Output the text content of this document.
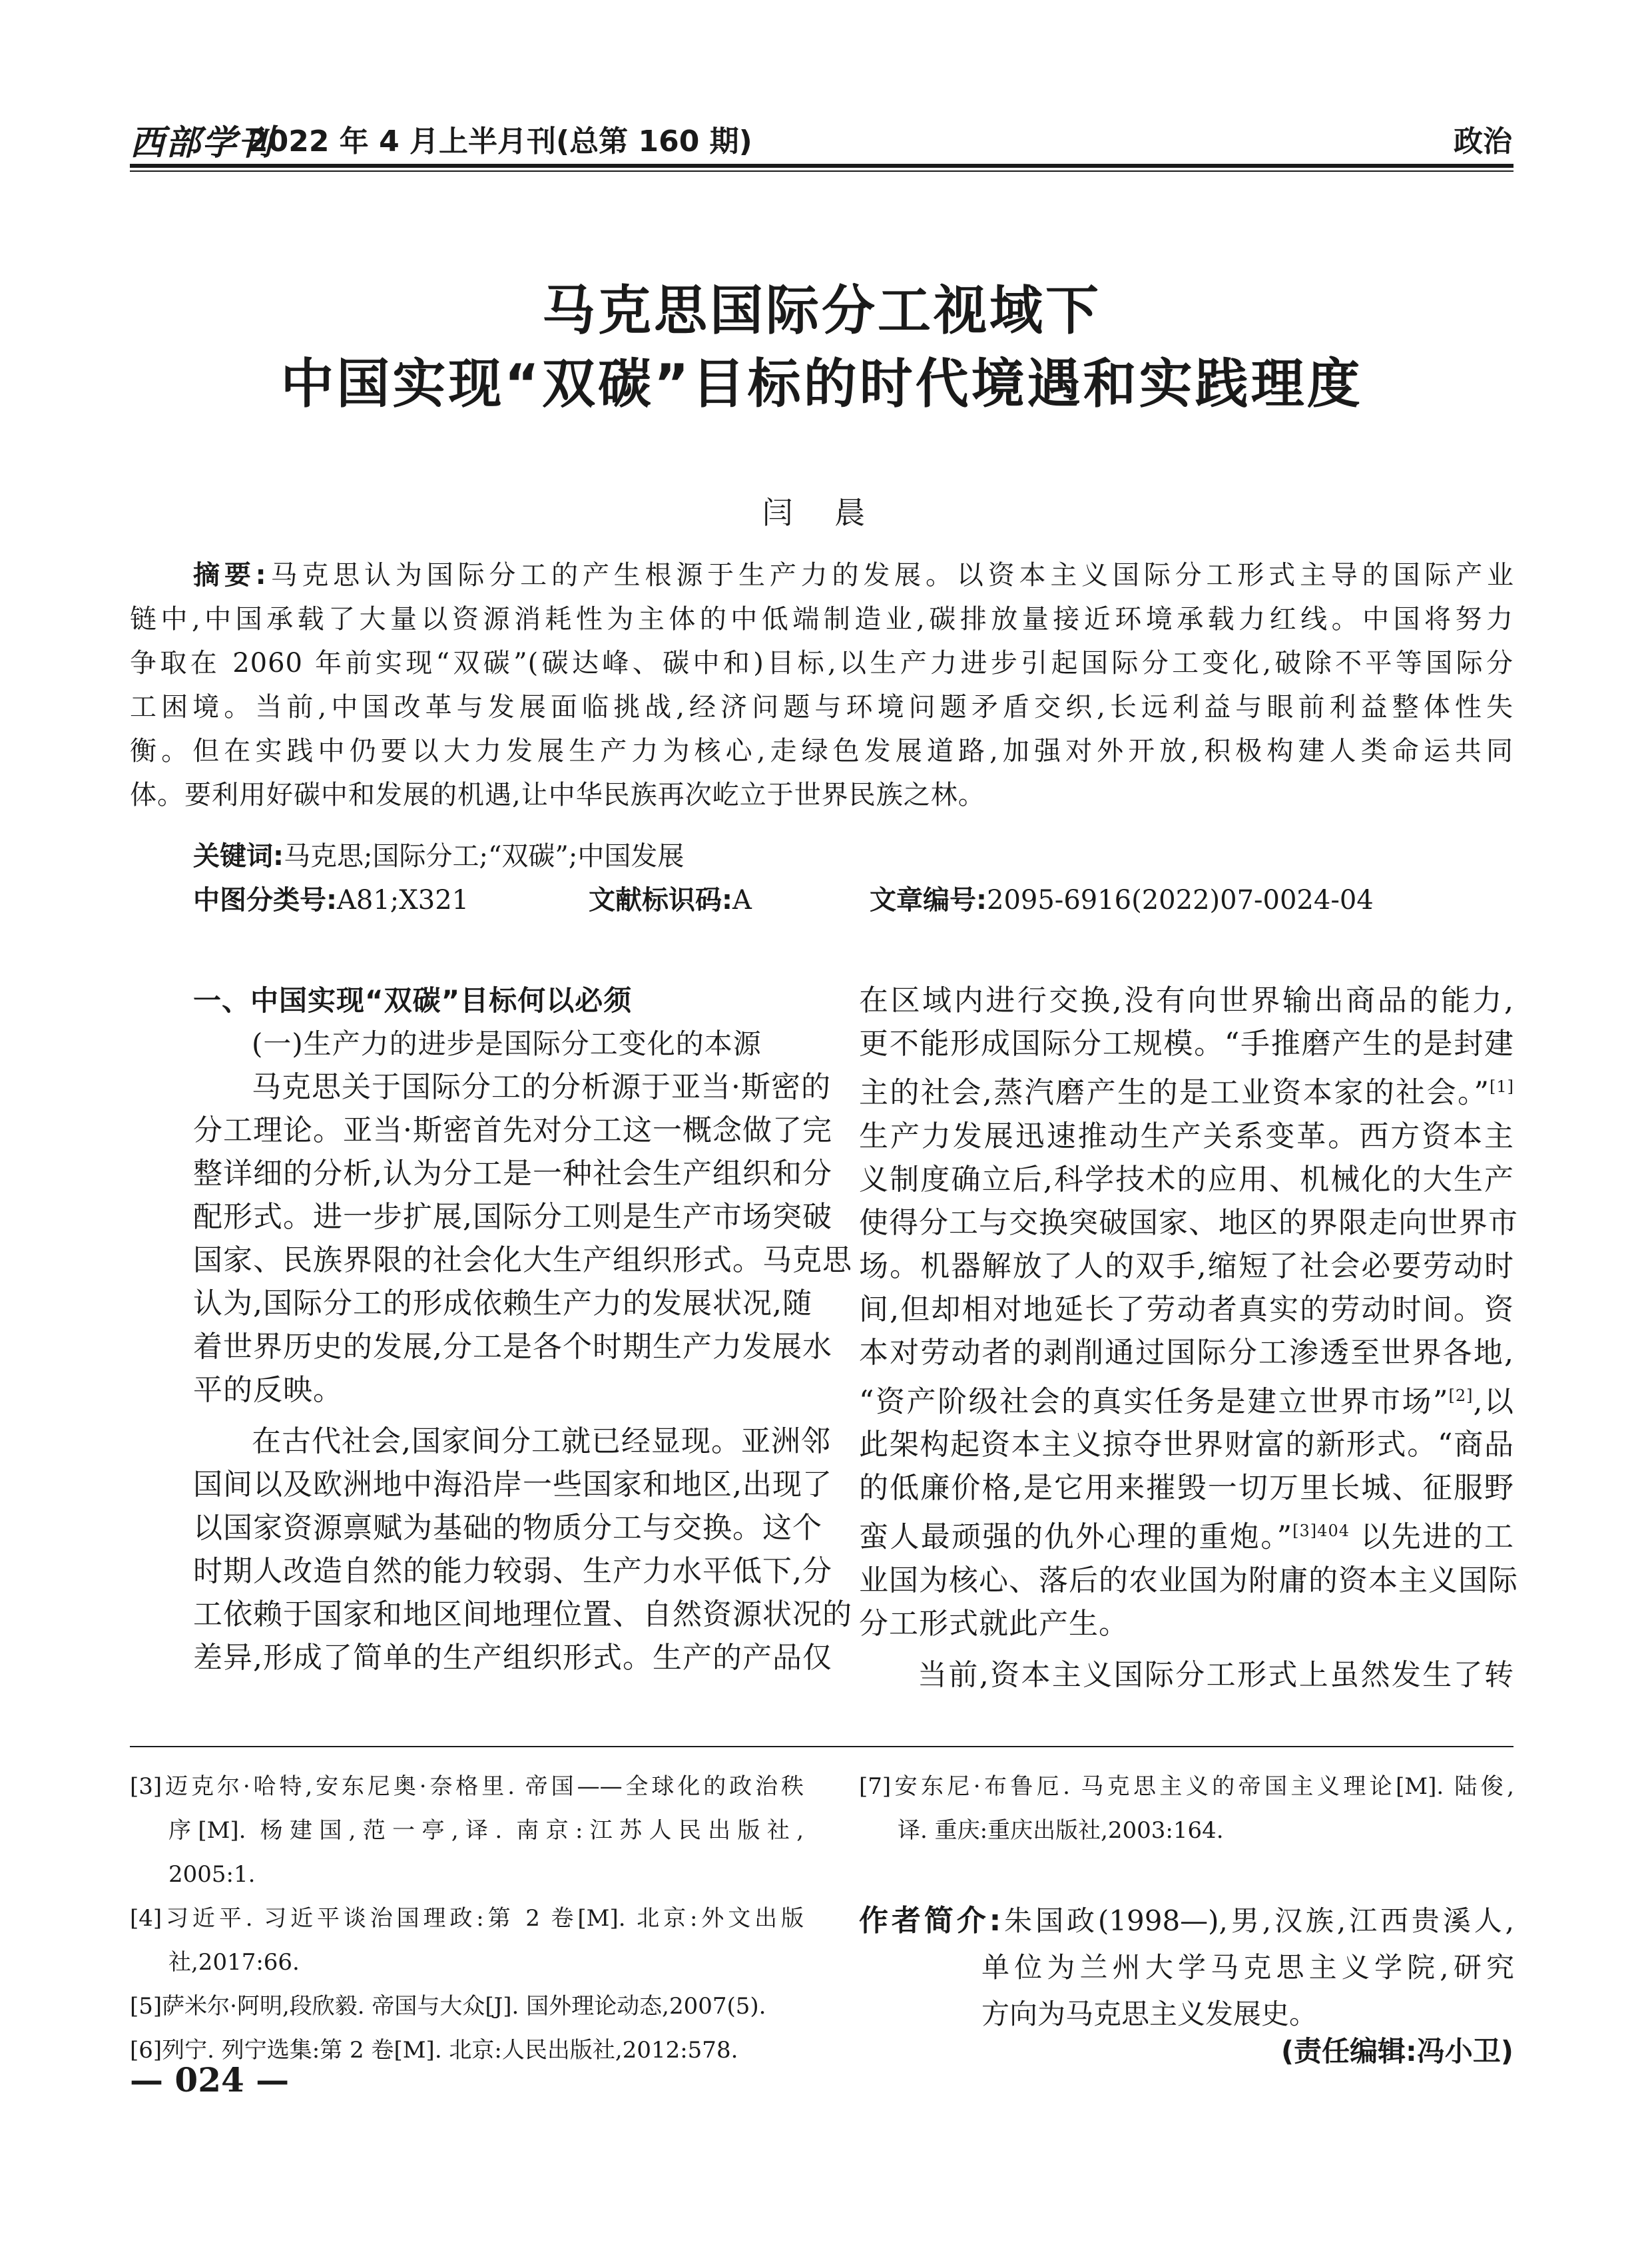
西部学刊
2022 年 4 月上半月刊(总第 160 期)	政治
马克思国际分工视域下
中国实现“双碳”目标的时代境遇和实践理度
闫 晨
摘要:马克思认为国际分工的产生根源于生产力的发展。以资本主义国际分工形式主导的国际产业
链中,中国承载了大量以资源消耗性为主体的中低端制造业,碳排放量接近环境承载力红线。中国将努力
争取在 2060 年前实现“双碳”(碳达峰、碳中和)目标,以生产力进步引起国际分工变化,破除不平等国际分
工困境。当前,中国改革与发展面临挑战,经济问题与环境问题矛盾交织,长远利益与眼前利益整体性失
衡。但在实践中仍要以大力发展生产力为核心,走绿色发展道路,加强对外开放,积极构建人类命运共同
体。要利用好碳中和发展的机遇,让中华民族再次屹立于世界民族之林。
关键词:马克思;国际分工;“双碳”;中国发展
中图分类号:A81;X321	文献标识码:A	文章编号:2095-6916(2022)07-0024-04
一、中国实现“双碳”目标何以必须
(一)生产力的进步是国际分工变化的本源
马克思关于国际分工的分析源于亚当·斯密的
分工理论。亚当·斯密首先对分工这一概念做了完
整详细的分析,认为分工是一种社会生产组织和分
配形式。进一步扩展,国际分工则是生产市场突破
国家、民族界限的社会化大生产组织形式。马克思
认为,国际分工的形成依赖生产力的发展状况,随
着世界历史的发展,分工是各个时期生产力发展水
平的反映。
在古代社会,国家间分工就已经显现。亚洲邻
国间以及欧洲地中海沿岸一些国家和地区,出现了
以国家资源禀赋为基础的物质分工与交换。这个
时期人改造自然的能力较弱、生产力水平低下,分
工依赖于国家和地区间地理位置、自然资源状况的
差异,形成了简单的生产组织形式。生产的产品仅
在区域内进行交换,没有向世界输出商品的能力,
更不能形成国际分工规模。“手推磨产生的是封建
主的社会,蒸汽磨产生的是工业资本家的社会。”[1]
生产力发展迅速推动生产关系变革。西方资本主
义制度确立后,科学技术的应用、机械化的大生产
使得分工与交换突破国家、地区的界限走向世界市
场。机器解放了人的双手,缩短了社会必要劳动时
间,但却相对地延长了劳动者真实的劳动时间。资
本对劳动者的剥削通过国际分工渗透至世界各地,
“资产阶级社会的真实任务是建立世界市场”[2],以
此架构起资本主义掠夺世界财富的新形式。“商品
的低廉价格,是它用来摧毁一切万里长城、征服野
蛮人最顽强的仇外心理的重炮。”$^{[3]404}$ 以先进的工
业国为核心、落后的农业国为附庸的资本主义国际
分工形式就此产生。
当前,资本主义国际分工形式上虽然发生了转
[3]迈克尔·哈特,安东尼奥·奈格里. 帝国——全球化的政治秩
序[M]. 杨建国,范一亭,译. 南京:江苏人民出版社,
2005:1.
[4]习近平. 习近平谈治国理政:第 2 卷[M]. 北京:外文出版
社,2017:66.
[5]萨米尔·阿明,段欣毅. 帝国与大众[J]. 国外理论动态,2007(5).
[6]列宁. 列宁选集:第 2 卷[M]. 北京:人民出版社,2012:578.
[7]安东尼·布鲁厄. 马克思主义的帝国主义理论[M]. 陆俊,
译. 重庆:重庆出版社,2003:164.
作者简介:朱国政(1998—),男,汉族,江西贵溪人,
单位为兰州大学马克思主义学院,研究
方向为马克思主义发展史。
(责任编辑:冯小卫)
— 024 —
